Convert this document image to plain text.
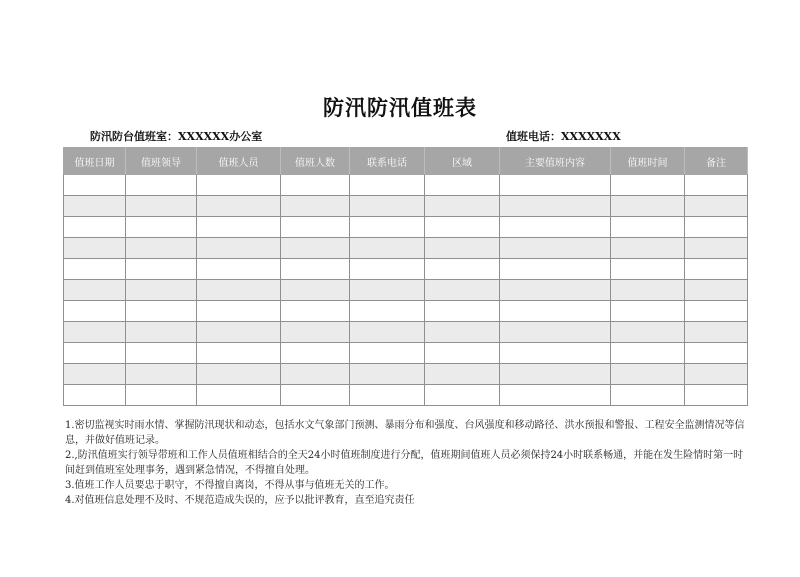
防汛防汛值班表
防汛防台值班室：XXXXXX办公室	值班电话：XXXXXXX
值班日期	值班领导	值班人员	值班人数	联系电话	区域	主要值班内容	值班时间	备注

1.密切监视实时雨水情、掌握防汛现状和动态，包括水文气象部门预测、暴雨分布和强度、台风强度和移动路径、洪水预报和警报、工程安全监测情况等信息，并做好值班记录。

2.,防汛值班实行领导带班和工作人员值班相结合的全天24小时值班制度进行分配，值班期间值班人员必须保持24小时联系畅通，并能在发生险情时第一时间赶到值班室处理事务，遇到紧急情况，不得擅自处理。

3.值班工作人员要忠于职守，不得擅自离岗，不得从事与值班无关的工作。

4.对值班信息处理不及时、不规范造成失误的，应予以批评教育，直至追究责任
